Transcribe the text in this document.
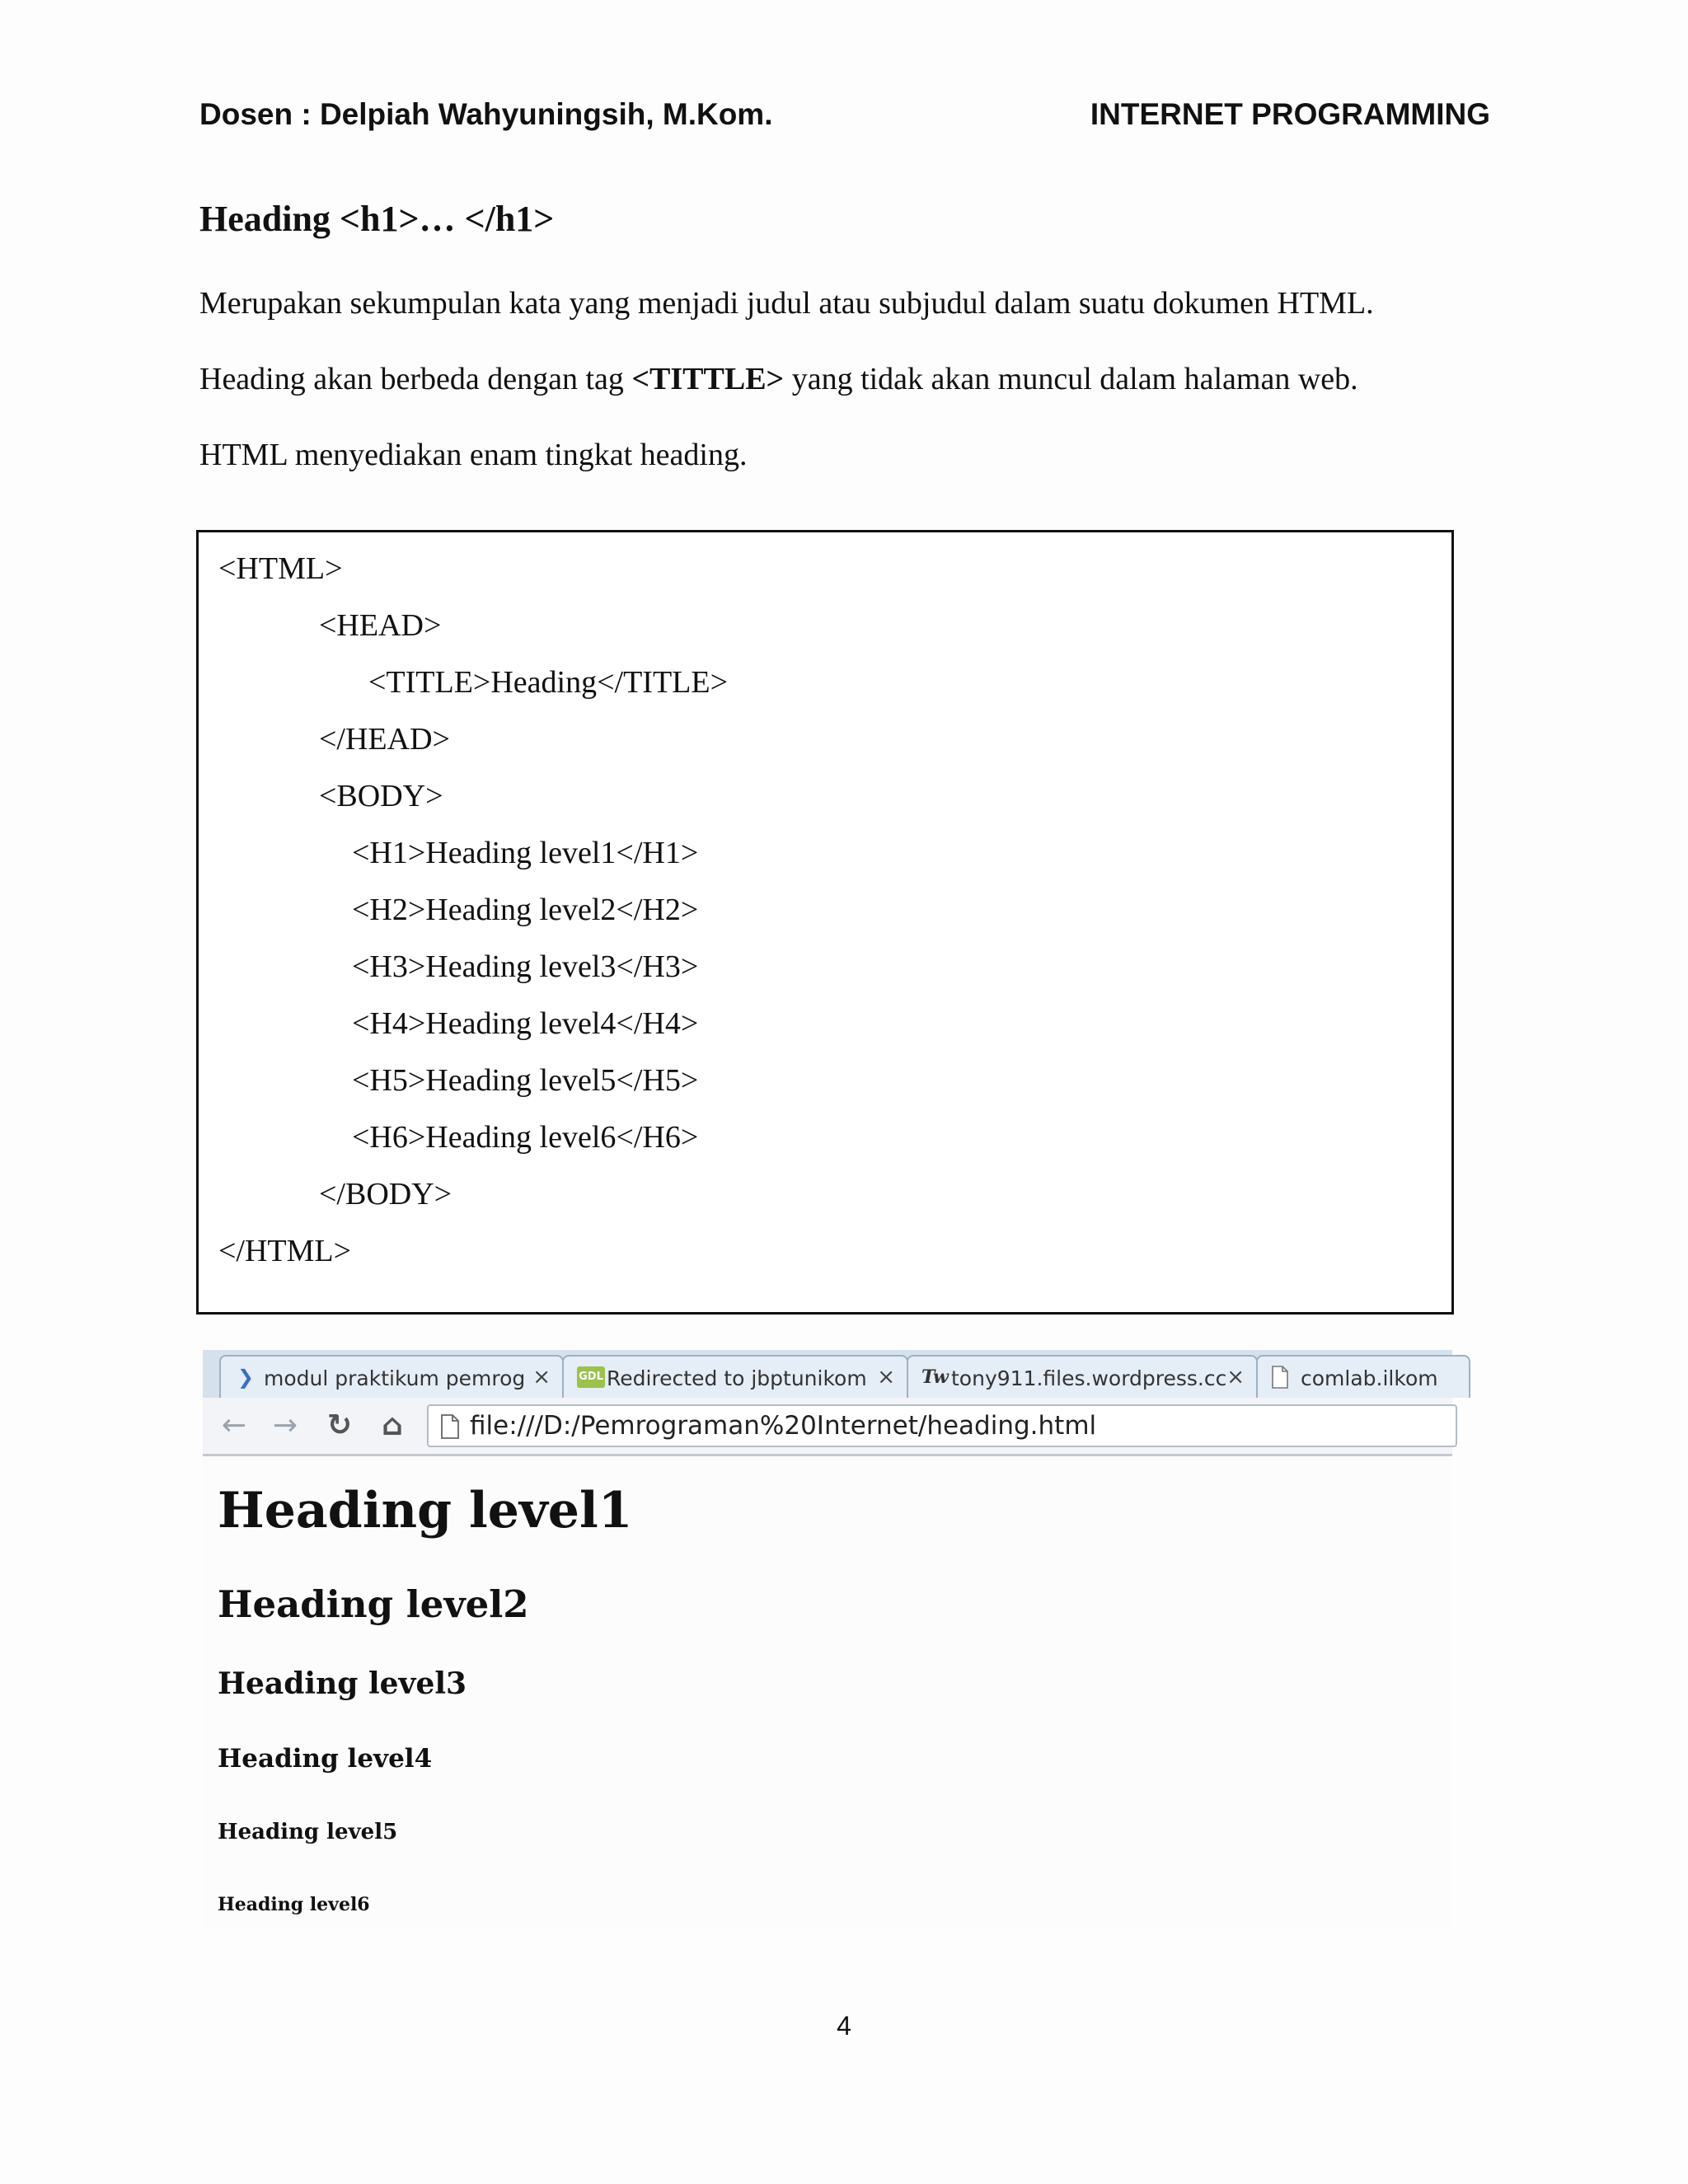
Dosen : Delpiah Wahyuningsih, M.Kom.	INTERNET PROGRAMMING
Heading <h1>… </h1>
Merupakan sekumpulan kata yang menjadi judul atau subjudul dalam suatu dokumen HTML.
Heading akan berbeda dengan tag <TITTLE> yang tidak akan muncul dalam halaman web.
HTML menyediakan enam tingkat heading.
<HTML>
<HEAD>
<TITLE>Heading</TITLE>
</HEAD>
<BODY>
<H1>Heading level1</H1>
<H2>Heading level2</H2>
<H3>Heading level3</H3>
<H4>Heading level4</H4>
<H5>Heading level5</H5>
<H6>Heading level6</H6>
</BODY>
</HTML>
❯ modul praktikum pemrog ×	GDL Redirected to jbptunikom × Tw tony911.files.wordpress.cc ×	comlab.ilkom
← → ↻ ⌂	file:///D:/Pemrograman%20Internet/heading.html
Heading level1
Heading level2
Heading level3
Heading level4
Heading level5
Heading level6
4
